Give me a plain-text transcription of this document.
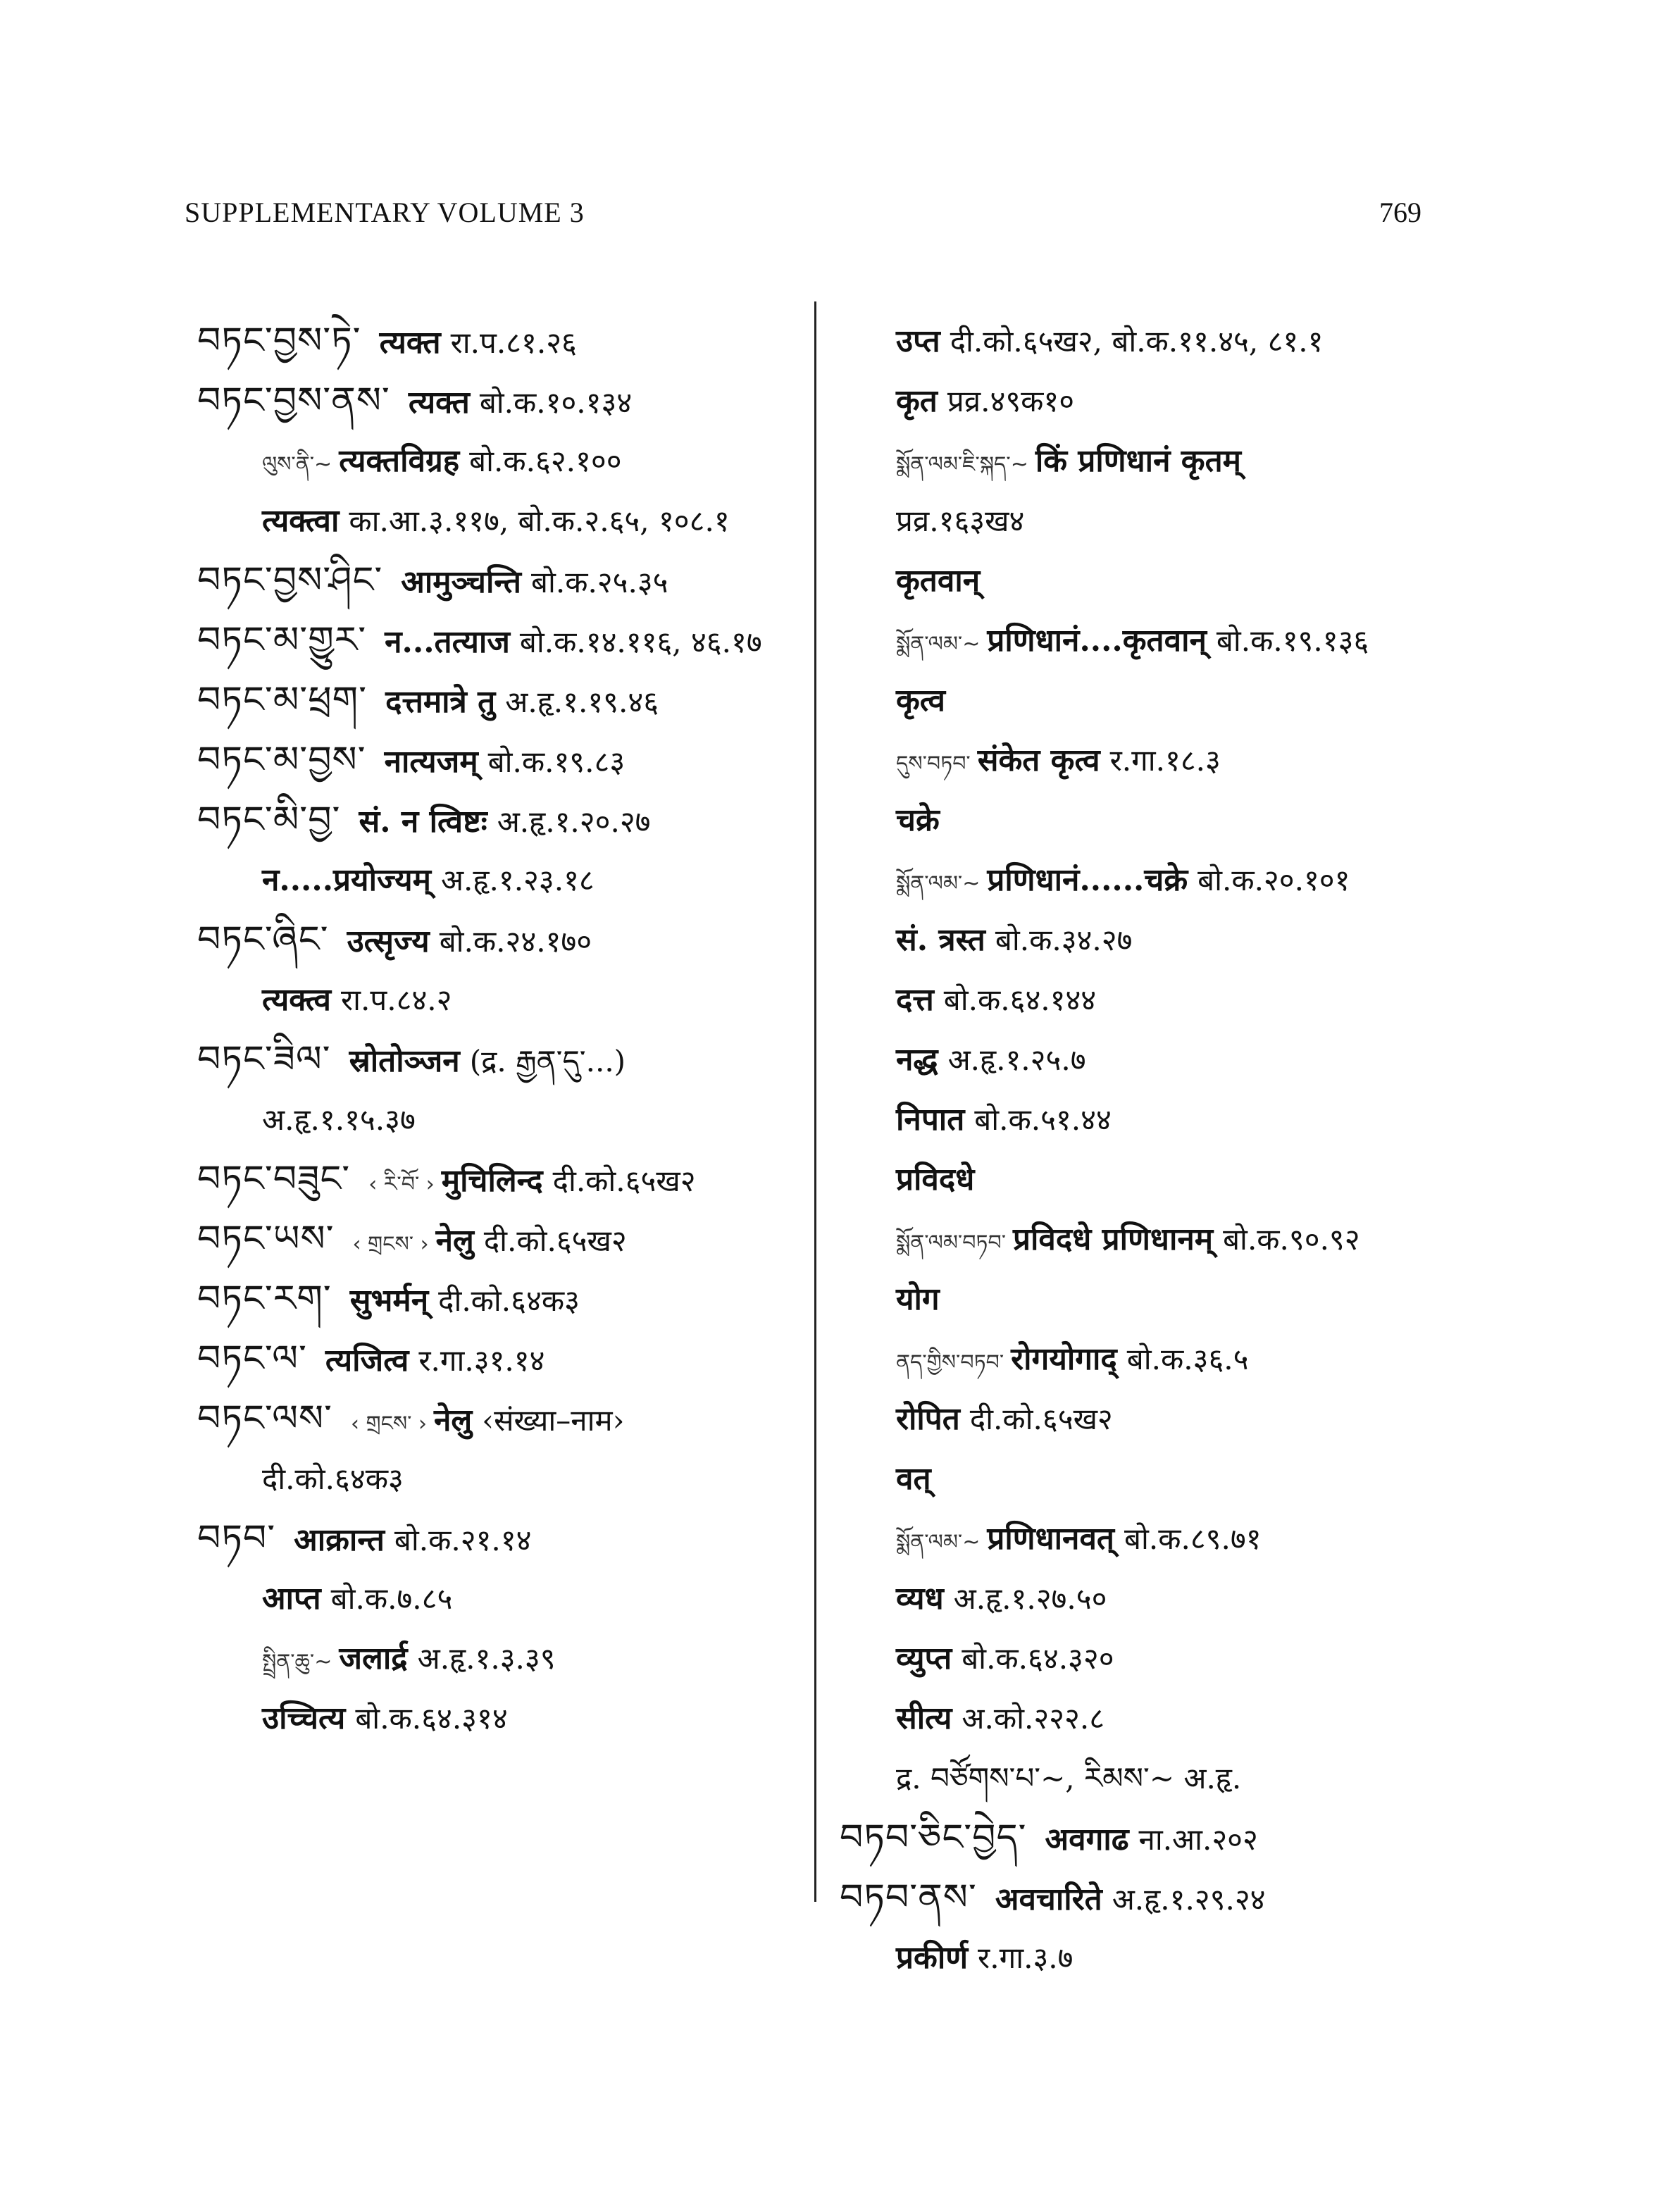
SUPPLEMENTARY VOLUME 3	769
བཏང་བྱས་ཏེ་ त्यक्त रा.प.८१.२६
བཏང་བྱས་ནས་ त्यक्त बो.क.१०.१३४
ལུས་ནི་~ त्यक्तविग्रह बो.क.६२.१००
त्यक्त्वा का.आ.३.११७, बो.क.२.६५, १०८.१
བཏང་བྱས་ཤིང་ आमुञ्चन्ति बो.क.२५.३५
བཏང་མ་གྱུར་ न...तत्याज बो.क.१४.११६, ४६.१७
བཏང་མ་ཕྲག་ दत्तमात्रे तु अ.हृ.१.१९.४६
བཏང་མ་བྱས་ नात्यजम् बो.क.१९.८३
བཏང་མི་བྱ་ सं. न त्विष्टः अ.हृ.१.२०.२७
न.....प्रयोज्यम् अ.हृ.१.२३.१८
བཏང་ཞིང་ उत्सृज्य बो.क.२४.१७०
त्यक्त्व रा.प.८४.२
བཏང་ཟིལ་ स्रोतोञ्जन (द्र. རྒྱན་དུ་...)
अ.हृ.१.१५.३७
བཏང་བཟུང་ ‹ རི་བོ་ › मुचिलिन्द दी.को.६५ख२
བཏང་ཡས་ ‹ གྲངས་ › नेलु दी.को.६५ख२
བཏང་རག་ सुभर्मन् दी.को.६४क३
བཏང་ལ་ त्यजित्व र.गा.३१.१४
བཏང་ལས་ ‹ གྲངས་ › नेलु ‹संख्या–नाम›
दी.को.६४क३
བཏབ་ आक्रान्त बो.क.२१.१४
आप्त बो.क.७.८५
སྤྲིན་ཆུ་~ जलार्द्र अ.हृ.१.३.३९
उच्चित्य बो.क.६४.३१४
उप्त दी.को.६५ख२, बो.क.११.४५, ८१.१
कृत प्रव्र.४९क१०
སྨོན་ལམ་ཇི་སྐད་~ किं प्रणिधानं कृतम्
प्रव्र.१६३ख४
कृतवान्
སྨོན་ལམ་~ प्रणिधानं....कृतवान् बो.क.१९.१३६
कृत्व
དུས་བཏབ་ संकेत कृत्व र.गा.१८.३
चक्रे
སྨོན་ལམ་~ प्रणिधानं......चक्रे बो.क.२०.१०१
सं. त्रस्त बो.क.३४.२७
दत्त बो.क.६४.१४४
नद्ध अ.हृ.१.२५.७
निपात बो.क.५१.४४
प्रविदधे
སྨོན་ལམ་བཏབ་ प्रविदधे प्रणिधानम् बो.क.९०.९२
योग
ནད་གྱིས་བཏབ་ रोगयोगाद् बो.क.३६.५
रोपित दी.को.६५ख२
वत्
སྨོན་ལམ་~ प्रणिधानवत् बो.क.८९.७१
व्यध अ.हृ.१.२७.५०
व्युप्त बो.क.६४.३२०
सीत्य अ.को.२२२.८
द्र. བཙོགས་པ་~, རིམས་~ अ.हृ.
བཏབ་ཅིང་བྱེད་ अवगाढ ना.आ.२०२
བཏབ་ནས་ अवचारिते अ.हृ.१.२९.२४
प्रकीर्ण र.गा.३.७
